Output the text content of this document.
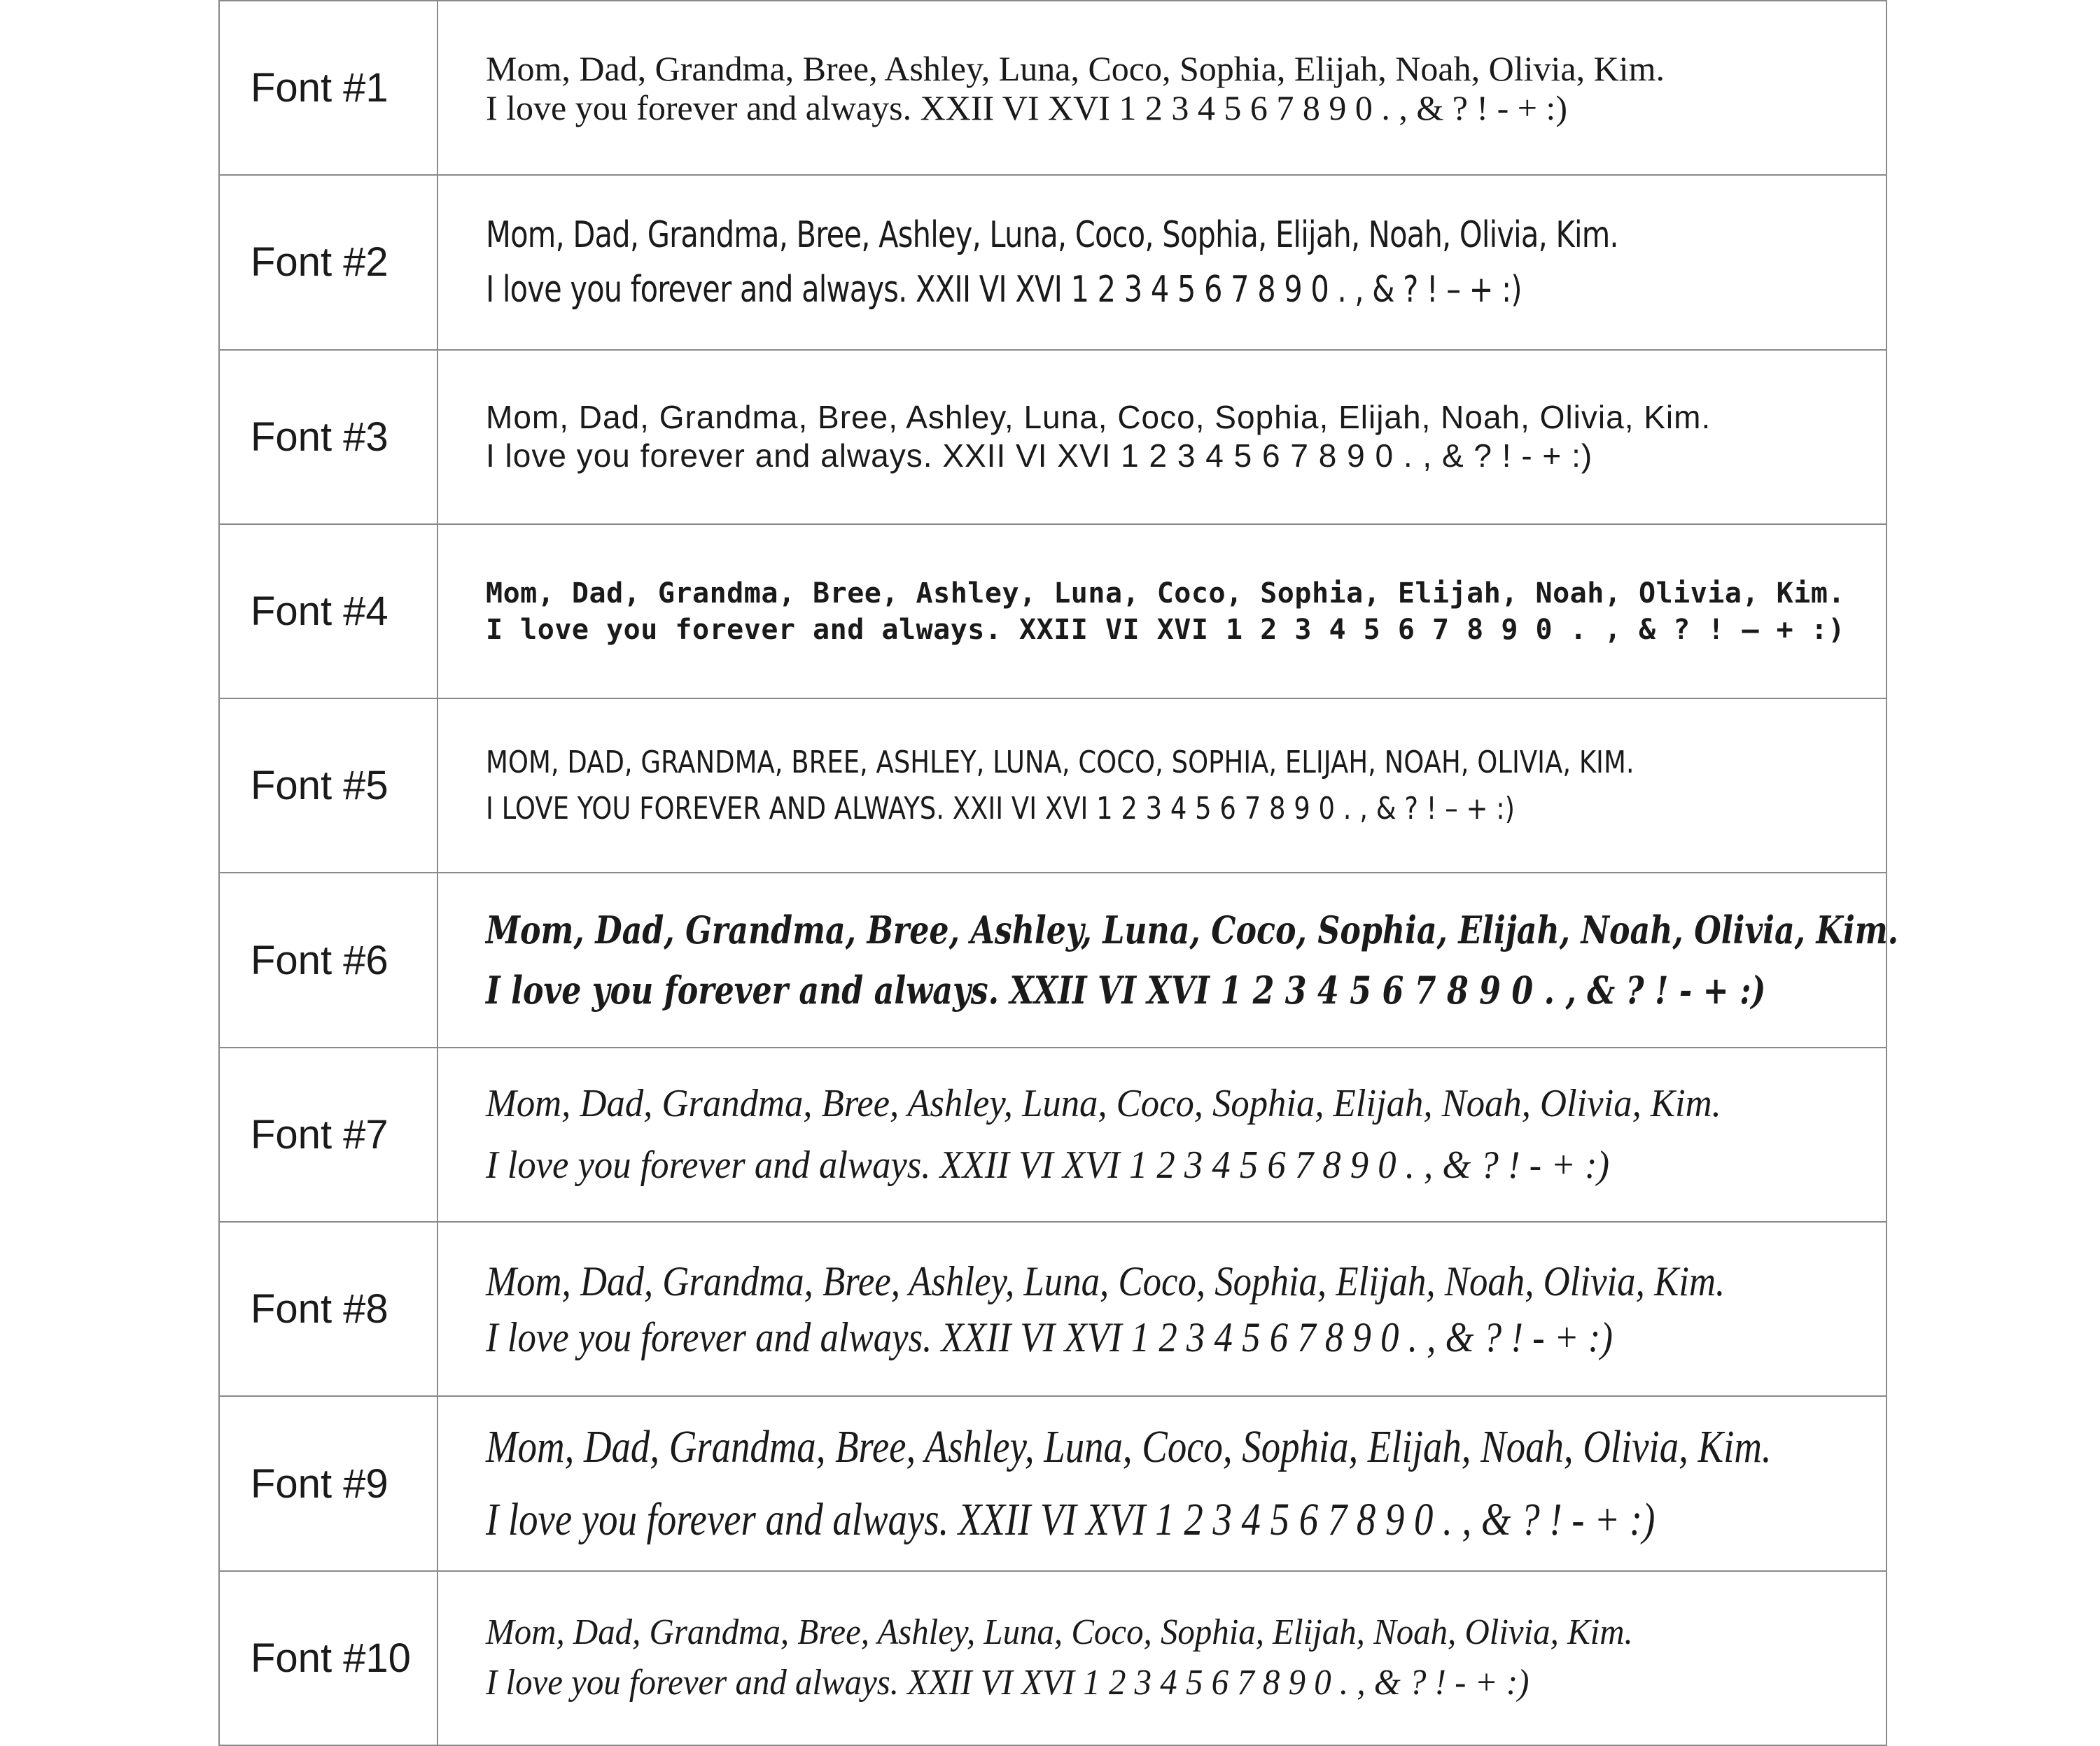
Font #1	Mom, Dad, Grandma, Bree, Ashley, Luna, Coco, Sophia, Elijah, Noah, Olivia, Kim.
I love you forever and always. XXII VI XVI 1 2 3 4 5 6 7 8 9 0 . , & ? ! - + :)

Font #2	Mom, Dad, Grandma, Bree, Ashley, Luna, Coco, Sophia, Elijah, Noah, Olivia, Kim.
I love you forever and always. XXII VI XVI 1 2 3 4 5 6 7 8 9 0 . , & ? ! – + :)

Font #3	Mom, Dad, Grandma, Bree, Ashley, Luna, Coco, Sophia, Elijah, Noah, Olivia, Kim.
I love you forever and always. XXII VI XVI 1 2 3 4 5 6 7 8 9 0 . , & ? ! - + :)

Font #4	Mom, Dad, Grandma, Bree, Ashley, Luna, Coco, Sophia, Elijah, Noah, Olivia, Kim.
I love you forever and always. XXII VI XVI 1 2 3 4 5 6 7 8 9 0 . , & ? ! – + :)

Font #5	MOM, DAD, GRANDMA, BREE, ASHLEY, LUNA, COCO, SOPHIA, ELIJAH, NOAH, OLIVIA, KIM.
I LOVE YOU FOREVER AND ALWAYS. XXII VI XVI 1 2 3 4 5 6 7 8 9 0 . , & ? ! – + :)

Font #6	Mom, Dad, Grandma, Bree, Ashley, Luna, Coco, Sophia, Elijah, Noah, Olivia, Kim.
I love you forever and always. XXII VI XVI 1 2 3 4 5 6 7 8 9 0 . , & ? ! - + :)

Font #7	Mom, Dad, Grandma, Bree, Ashley, Luna, Coco, Sophia, Elijah, Noah, Olivia, Kim.
I love you forever and always. XXII VI XVI 1 2 3 4 5 6 7 8 9 0 . , & ? ! - + :)

Font #8	Mom, Dad, Grandma, Bree, Ashley, Luna, Coco, Sophia, Elijah, Noah, Olivia, Kim.
I love you forever and always. XXII VI XVI 1 2 3 4 5 6 7 8 9 0 . , & ? ! - + :)

Font #9	Mom, Dad, Grandma, Bree, Ashley, Luna, Coco, Sophia, Elijah, Noah, Olivia, Kim.
I love you forever and always. XXII VI XVI 1 2 3 4 5 6 7 8 9 0 . , & ? ! - + :)

Font #10	Mom, Dad, Grandma, Bree, Ashley, Luna, Coco, Sophia, Elijah, Noah, Olivia, Kim.
I love you forever and always. XXII VI XVI 1 2 3 4 5 6 7 8 9 0 . , & ? ! - + :)
